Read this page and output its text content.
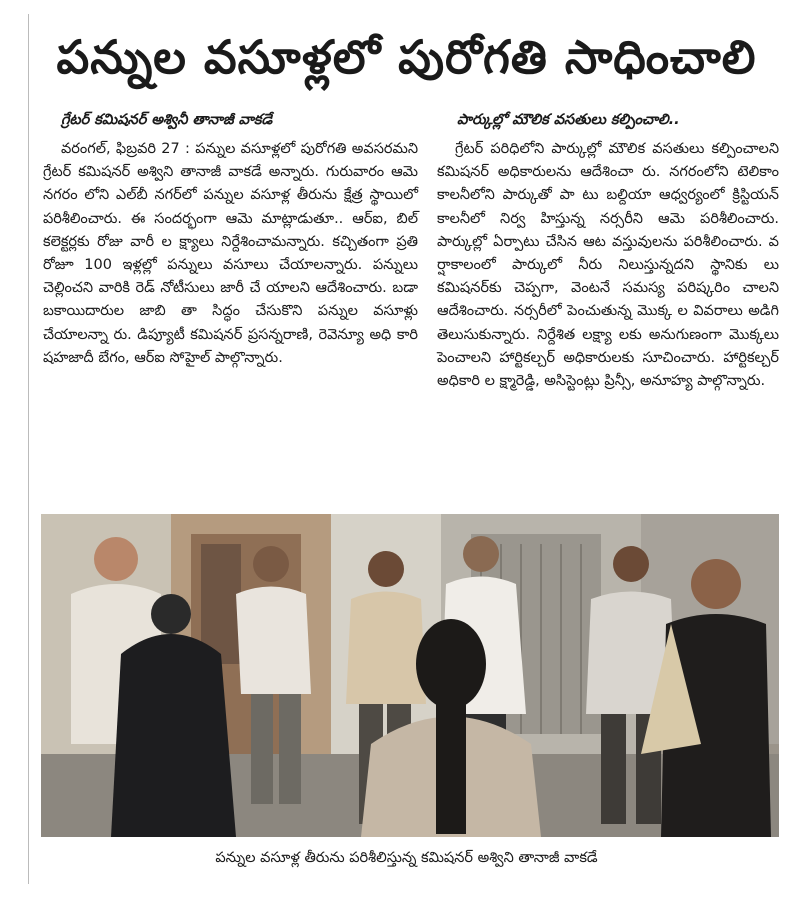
పన్నుల వసూళ్లలో పురోగతి సాధించాలి
గ్రేటర్ కమిషనర్ అశ్వినీ తానాజీ వాకడే

వరంగల్, ఫిబ్రవరి 27 : పన్నుల వసూళ్లలో పురోగతి అవసరమని గ్రేటర్ కమిషనర్ అశ్విని తానాజీ వాకడే అన్నారు. గురువారం ఆమె నగరం లోని ఎల్‌బీ నగర్‌లో పన్నుల వసూళ్ల తీరును క్షేత్ర స్థాయిలో పరిశీలించారు. ఈ సందర్భంగా ఆమె మాట్లాడుతూ.. ఆర్ఐ, బిల్ కలెక్టర్లకు రోజు వారీ ల క్ష్యాలు నిర్దేశించామన్నారు. కచ్చితంగా ప్రతి రోజూ 100 ఇళ్లల్లో పన్నులు వసూలు చేయాలన్నారు. పన్నులు చెల్లించని వారికి రెడ్ నోటీసులు జారీ చే యాలని ఆదేశించారు. బడా బకాయిదారుల జాబి తా సిద్ధం చేసుకొని పన్నుల వసూళ్లు చేయాలన్నా రు. డిప్యూటీ కమిషనర్ ప్రసన్నరాణి, రెవెన్యూ అధి కారి షహజాదీ బేగం, ఆర్ఐ సోహైల్ పాల్గొన్నారు.

పార్కుల్లో మౌలిక వసతులు కల్పించాలి..

గ్రేటర్ పరిధిలోని పార్కుల్లో మౌలిక వసతులు కల్పించాలని కమిషనర్ అధికారులను ఆదేశించా రు. నగరంలోని టెలికాం కాలనీలోని పార్కుతో పా టు బల్దియా ఆధ్వర్యంలో క్రిస్టియన్ కాలనీలో నిర్వ హిస్తున్న నర్సరీని ఆమె పరిశీలించారు. పార్కుల్లో ఏర్పాటు చేసిన ఆట వస్తువులను పరిశీలించారు. వ ర్షాకాలంలో పార్కులో నీరు నిలుస్తున్నదని స్థానికు లు కమిషనర్‌కు చెప్పగా, వెంటనే సమస్య పరిష్కరిం చాలని ఆదేశించారు. నర్సరీలో పెంచుతున్న మొక్క ల వివరాలు అడిగి తెలుసుకున్నారు. నిర్దేశిత లక్ష్యా లకు అనుగుణంగా మొక్కలు పెంచాలని హార్టికల్చర్ అధికారులకు సూచించారు. హార్టికల్చర్ అధికారి ల క్ష్మారెడ్డి, అసిస్టెంట్లు ప్రిన్సీ, అనూహ్య పాల్గొన్నారు.

పన్నుల వసూళ్ల తీరును పరిశీలిస్తున్న కమిషనర్ అశ్విని తానాజీ వాకడే
